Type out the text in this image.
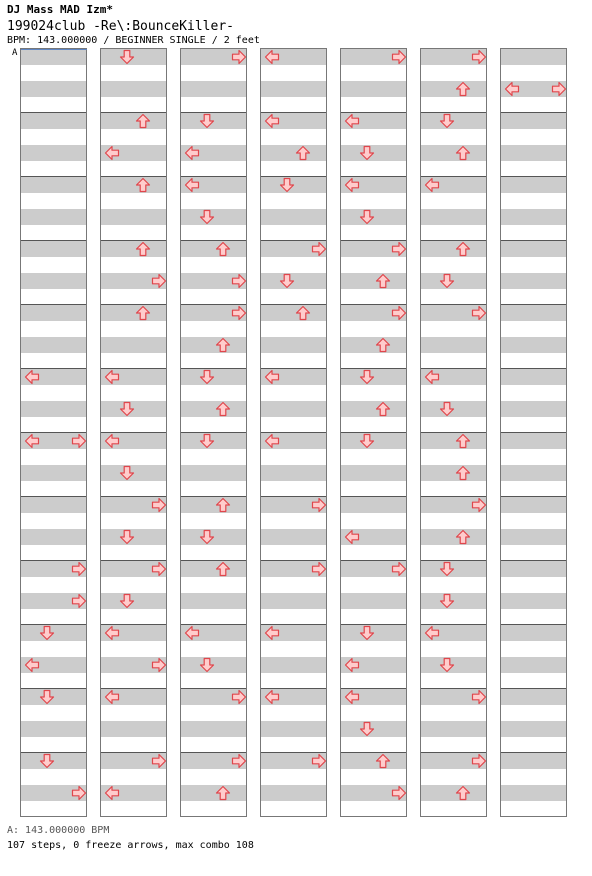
DJ Mass MAD Izm*
199024club -Re\:BounceKiller-
BPM: 143.000000 / BEGINNER SINGLE / 2 feet
A
A: 143.000000 BPM
107 steps, 0 freeze arrows, max combo 108
